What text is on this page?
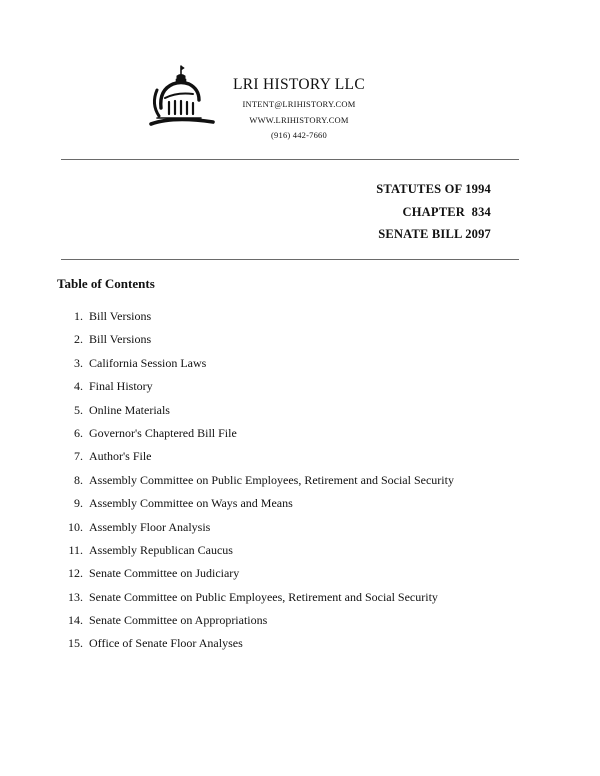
LRI HISTORY LLC
INTENT@LRIHISTORY.COM
WWW.LRIHISTORY.COM
(916) 442-7660
STATUTES OF 1994
CHAPTER  834
SENATE BILL 2097
Table of Contents
1. Bill Versions
2. Bill Versions
3. California Session Laws
4. Final History
5. Online Materials
6. Governor's Chaptered Bill File
7. Author's File
8. Assembly Committee on Public Employees, Retirement and Social Security
9. Assembly Committee on Ways and Means
10. Assembly Floor Analysis
11. Assembly Republican Caucus
12. Senate Committee on Judiciary
13. Senate Committee on Public Employees, Retirement and Social Security
14. Senate Committee on Appropriations
15. Office of Senate Floor Analyses
